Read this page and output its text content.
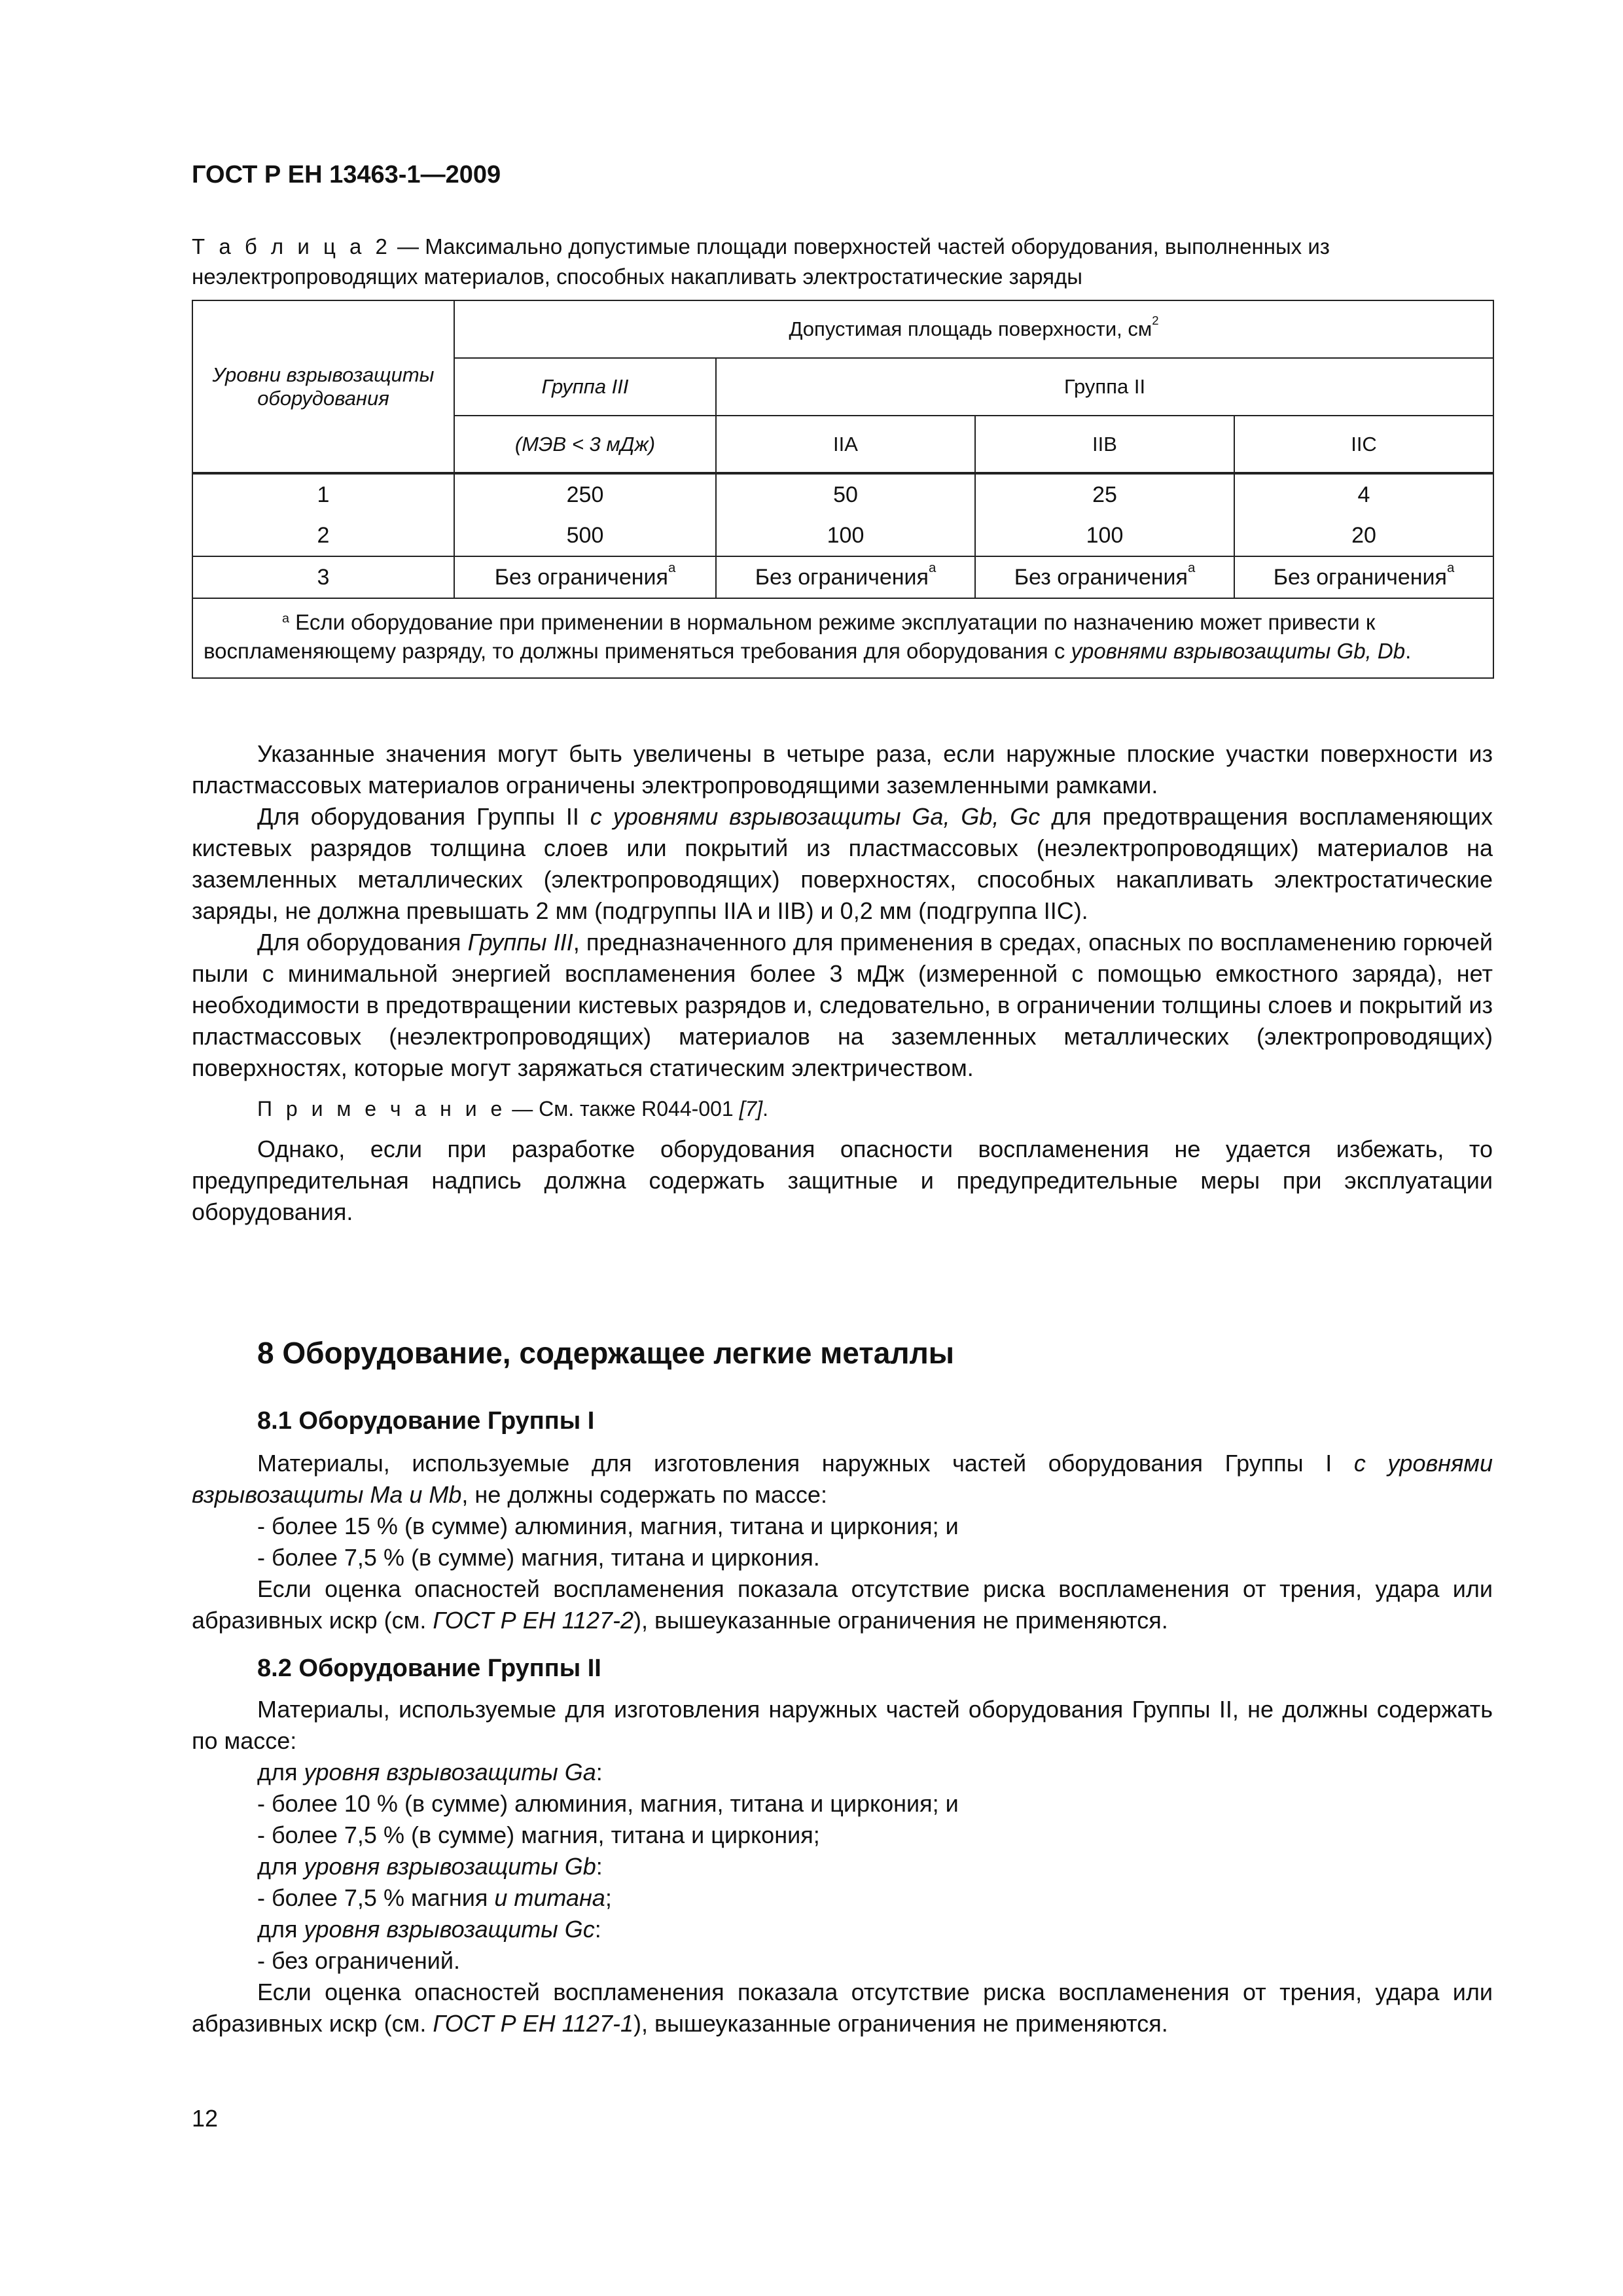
ГОСТ Р ЕН 13463-1—2009
Т а б л и ц а 2 — Максимально допустимые площади поверхностей частей оборудования, выполненных из неэлектропроводящих материалов, способных накапливать электростатические заряды
Уровни взрывозащиты оборудования	Допустимая площадь поверхности, $см^2$
	Группа III	Группа II		
	(МЭВ < 3 мДж)	IIA	IIB	IIC
1	250	50	25	4
2	500	100	100	20
3	Без ограничения$^a$	Без ограничения$^a$	Без ограничения$^a$	Без ограничения$^a$
$^a$ Если оборудование при применении в нормальном режиме эксплуатации по назначению может привести к воспламеняющему разряду, то должны применяться требования для оборудования с уровнями взрывозащиты Gb, Db.				

Указанные значения могут быть увеличены в четыре раза, если наружные плоские участки поверхности из пластмассовых материалов ограничены электропроводящими заземленными рамками.

Для оборудования Группы II с уровнями взрывозащиты Ga, Gb, Gc для предотвращения воспламеняющих кистевых разрядов толщина слоев или покрытий из пластмассовых (неэлектропроводящих) материалов на заземленных металлических (электропроводящих) поверхностях, способных накапливать электростатические заряды, не должна превышать 2 мм (подгруппы IIA и IIB) и 0,2 мм (подгруппа IIC).

Для оборудования Группы III, предназначенного для применения в средах, опасных по воспламенению горючей пыли с минимальной энергией воспламенения более 3 мДж (измеренной с помощью емкостного заряда), нет необходимости в предотвращении кистевых разрядов и, следовательно, в ограничении толщины слоев и покрытий из пластмассовых (неэлектропроводящих) материалов на заземленных металлических (электропроводящих) поверхностях, которые могут заряжаться статическим электричеством.

П р и м е ч а н и е — См. также R044-001 [7].

Однако, если при разработке оборудования опасности воспламенения не удается избежать, то предупредительная надпись должна содержать защитные и предупредительные меры при эксплуатации оборудования.

8 Оборудование, содержащее легкие металлы
8.1 Оборудование Группы I

Материалы, используемые для изготовления наружных частей оборудования Группы I с уровнями взрывозащиты Ma и Mb, не должны содержать по массе:

- более 15 % (в сумме) алюминия, магния, титана и циркония; и

- более 7,5 % (в сумме) магния, титана и циркония.

Если оценка опасностей воспламенения показала отсутствие риска воспламенения от трения, удара или абразивных искр (см. ГОСТ Р ЕН 1127-2), вышеуказанные ограничения не применяются.

8.2 Оборудование Группы II

Материалы, используемые для изготовления наружных частей оборудования Группы II, не должны содержать по массе:

для уровня взрывозащиты Ga:

- более 10 % (в сумме) алюминия, магния, титана и циркония; и

- более 7,5 % (в сумме) магния, титана и циркония;

для уровня взрывозащиты Gb:

- более 7,5 % магния и титана;

для уровня взрывозащиты Gc:

- без ограничений.

Если оценка опасностей воспламенения показала отсутствие риска воспламенения от трения, удара или абразивных искр (см. ГОСТ Р ЕН 1127-1), вышеуказанные ограничения не применяются.

12
